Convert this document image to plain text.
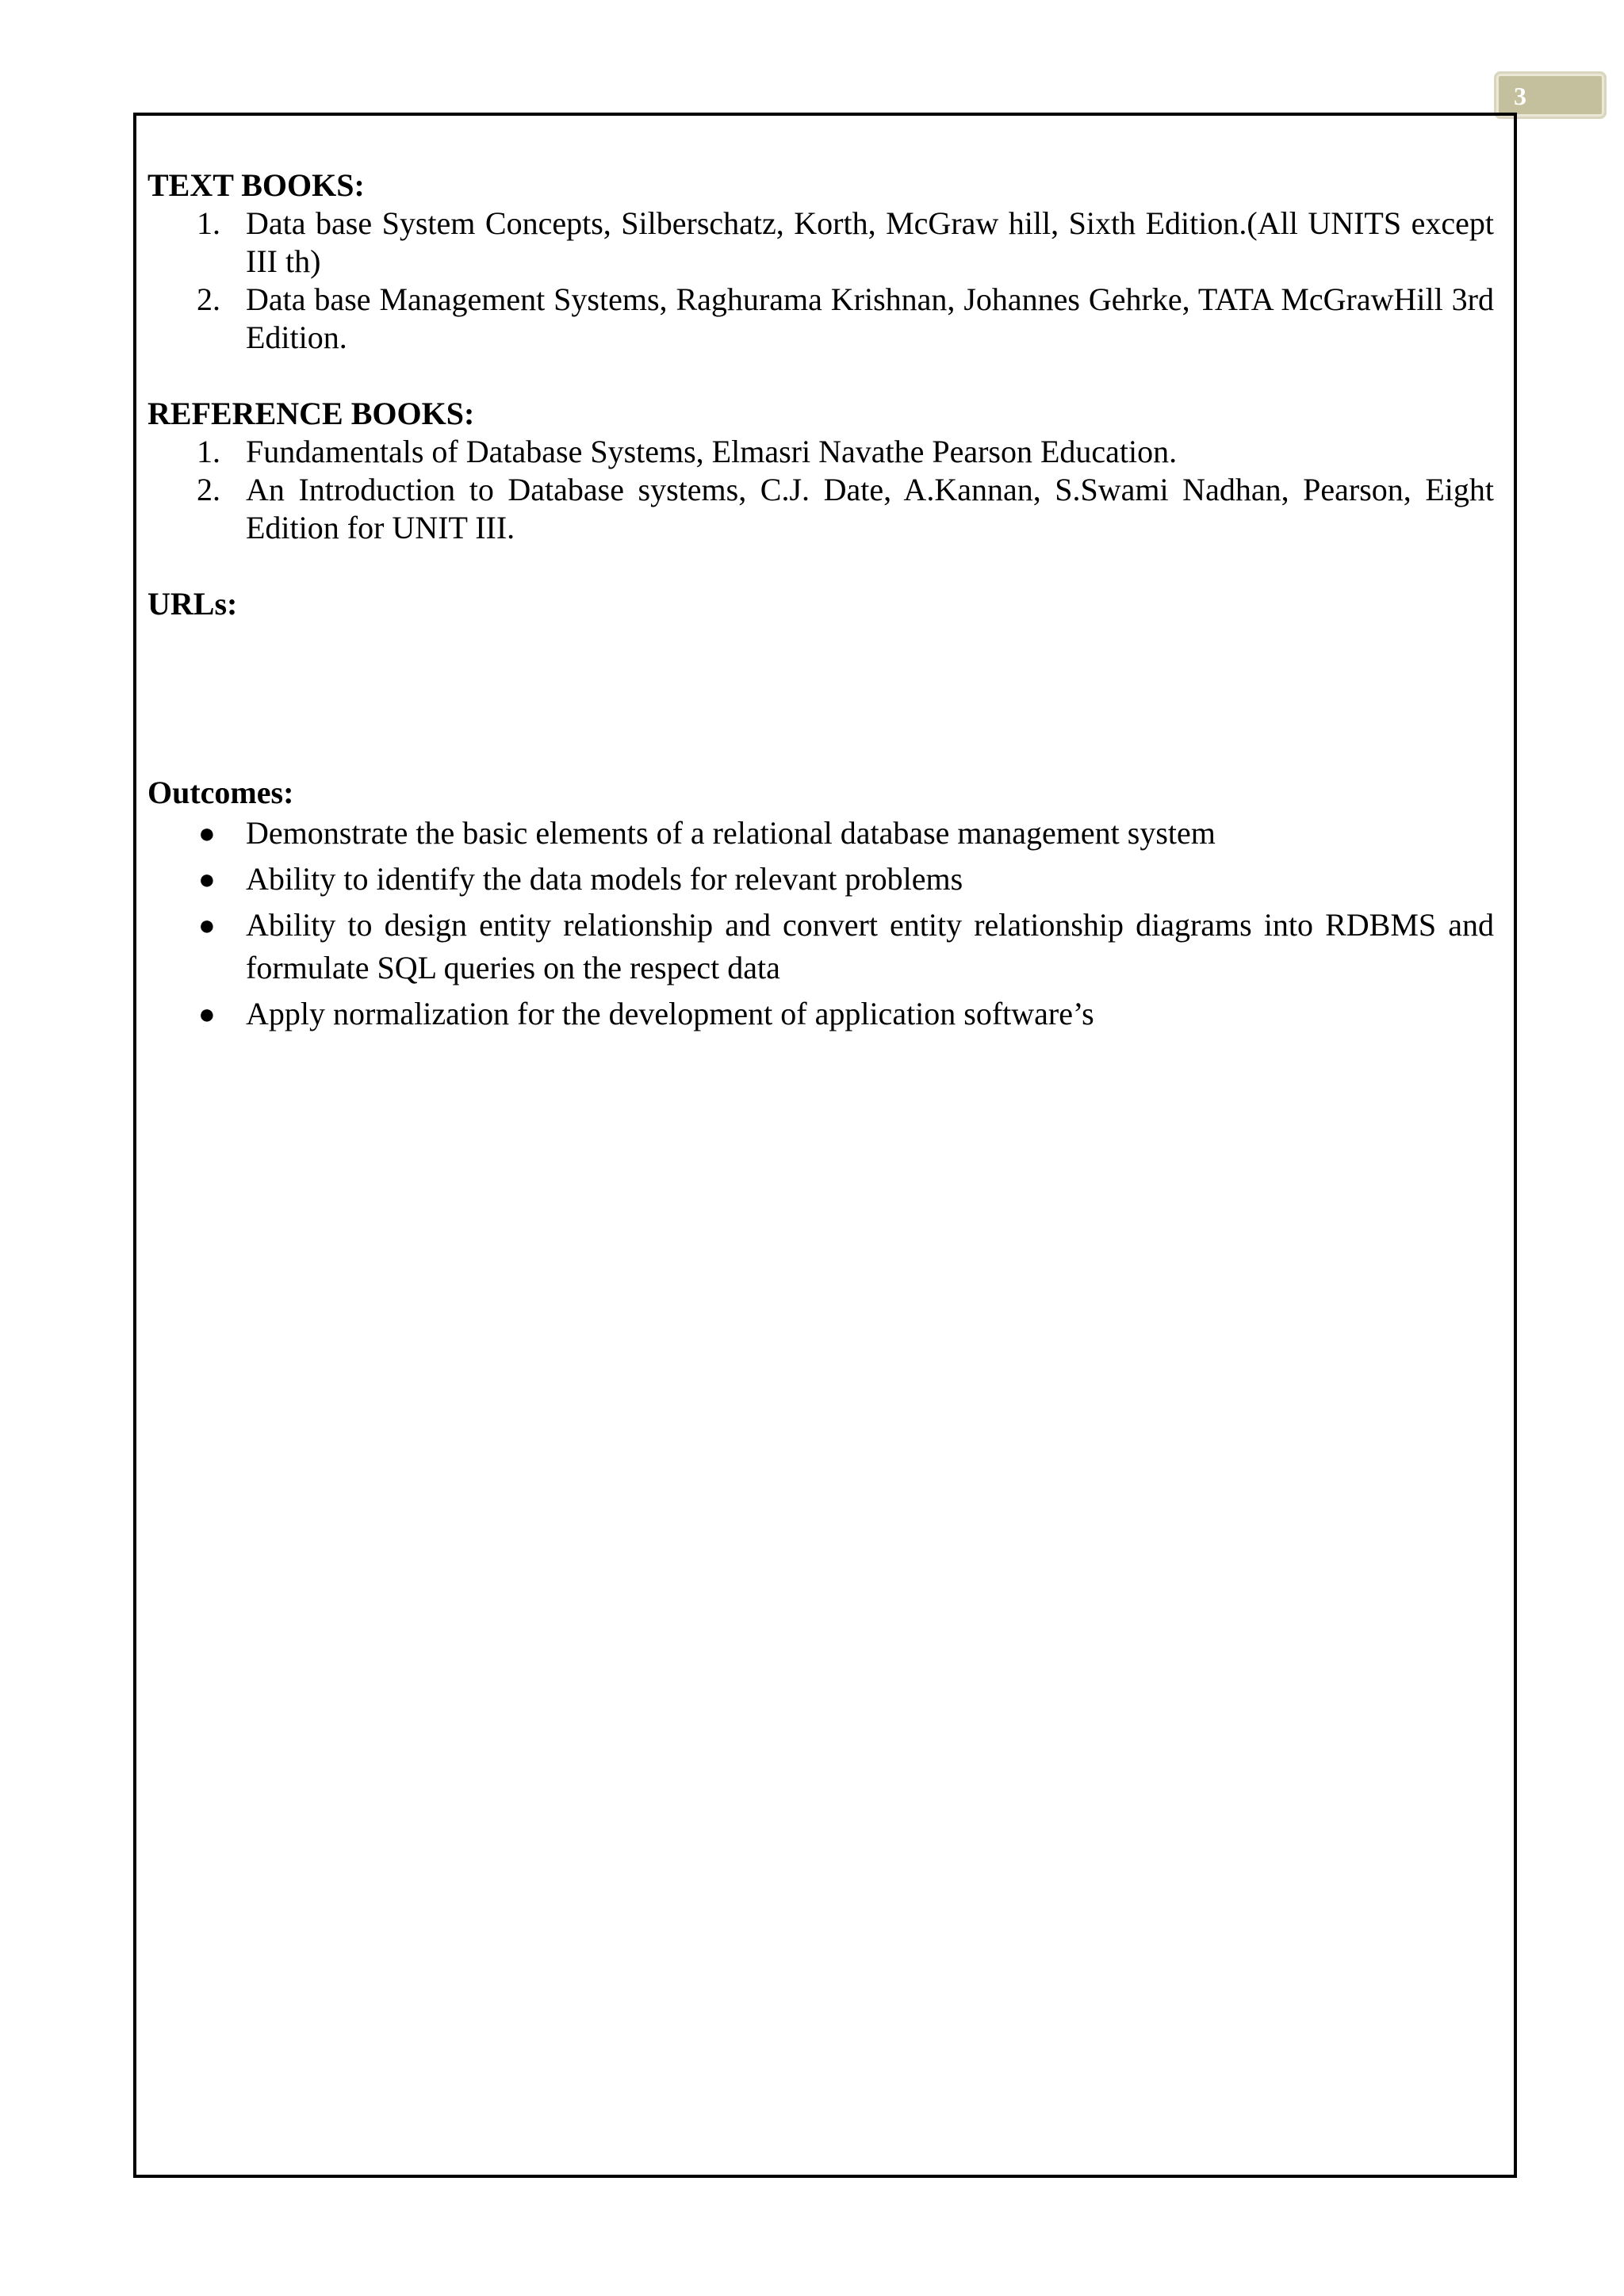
3

TEXT BOOKS:

1. Data base System Concepts, Silberschatz, Korth, McGraw hill, Sixth Edition.(All UNITS except III th)
2. Data base Management Systems, Raghurama Krishnan, Johannes Gehrke, TATA McGrawHill 3rd Edition.

REFERENCE BOOKS:

1. Fundamentals of Database Systems, Elmasri Navathe Pearson Education.
2. An Introduction to Database systems, C.J. Date, A.Kannan, S.Swami Nadhan, Pearson, Eight Edition for UNIT III.

URLs:

Outcomes:

● Demonstrate the basic elements of a relational database management system
● Ability to identify the data models for relevant problems
● Ability to design entity relationship and convert entity relationship diagrams into RDBMS and formulate SQL queries on the respect data
● Apply normalization for the development of application software’s
